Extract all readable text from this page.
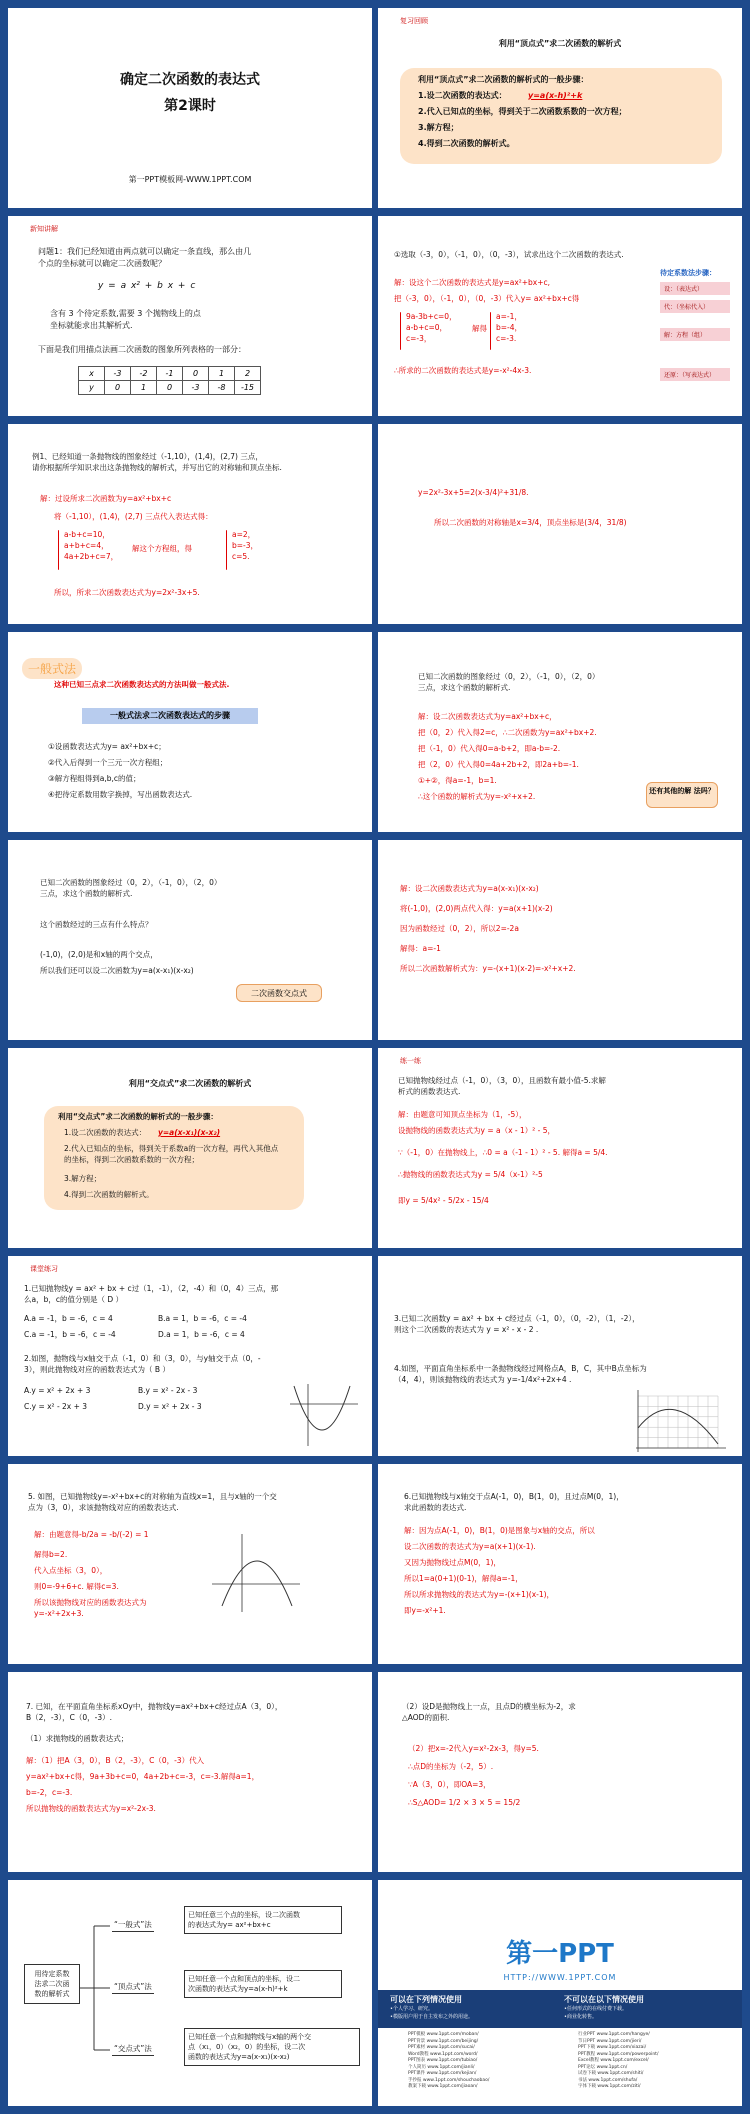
确定二次函数的表达式
第2课时
第一PPT模板网-WWW.1PPT.COM
复习回顾
利用“顶点式”求二次函数的解析式
利用“顶点式”求二次函数的解析式的一般步骤：
1.设二次函数的表达式：	y=a(x-h)²+k
2.代入已知点的坐标，得到关于二次函数系数的一次方程；
3.解方程；
4.得到二次函数的解析式。
新知讲解
问题1：我们已经知道由两点就可以确定一条直线，那么由几
个点的坐标就可以确定二次函数呢？
y = a x² + b x + c
含有 3 个待定系数,需要 3 个抛物线上的点
坐标就能求出其解析式.
下面是我们用描点法画二次函数的图象所列表格的一部分：
x	-3	-2	-1	0	1	2
y	0	1	0	-3	-8	-15
①选取（-3，0），（-1，0），（0，-3），试求出这个二次函数的表达式.
解：设这个二次函数的表达式是y=ax²+bx+c,
把（-3，0），（-1，0），（0，-3）代入y= ax²+bx+c得
9a-3b+c=0，
a-b+c=0，
c=-3，
解得
a=-1，
b=-4，
c=-3.
∴所求的二次函数的表达式是y=-x²-4x-3.
待定系数法步骤：
设：（表达式）
代：（坐标代入）
解：方程（组）
还原：（写表达式）
例1、已经知道一条抛物线的图象经过（-1,10），(1,4)，(2,7) 三点，
请你根据所学知识求出这条抛物线的解析式，并写出它的对称轴和顶点坐标.
解：过设所求二次函数为y=ax²+bx+c
将（-1,10），(1,4)，(2,7) 三点代入表达式得：
a-b+c=10，
a+b+c=4，
4a+2b+c=7，
解这个方程组，得
a=2，
b=-3，
c=5.
所以，所求二次函数表达式为y=2x²-3x+5.
y=2x²-3x+5=2(x-3/4)²+31/8.
所以二次函数的对称轴是x=3/4，顶点坐标是(3/4，31/8)
一般式法
这种已知三点求二次函数表达式的方法叫做一般式法.
一般式法求二次函数表达式的步骤
①设函数表达式为y= ax²+bx+c；
②代入后得到一个三元一次方程组；
③解方程组得到a,b,c的值；
④把待定系数用数字换掉，写出函数表达式.
已知二次函数的图象经过（0，2），（-1，0），（2，0）
三点，求这个函数的解析式.
解：设二次函数表达式为y=ax²+bx+c，
把（0，2）代入得2=c，∴二次函数为y=ax²+bx+2.
把（-1，0）代入得0=a-b+2，即a-b=-2.
把（2，0）代入得0=4a+2b+2，即2a+b=-1.
①+②，得a=-1，b=1.
∴这个函数的解析式为y=-x²+x+2.
还有其他的解 法吗？
已知二次函数的图象经过（0，2），（-1，0），（2，0）
三点，求这个函数的解析式.
这个函数经过的三点有什么特点？
(-1,0)，(2,0)是和x轴的两个交点，
所以我们还可以设二次函数为y=a(x-x₁)(x-x₂)
二次函数交点式
解：设二次函数表达式为y=a(x-x₁)(x-x₂)
将(-1,0)，(2,0)两点代入得：y=a(x+1)(x-2)
因为函数经过（0，2），所以2=-2a
解得：a=-1
所以二次函数解析式为：y=-(x+1)(x-2)=-x²+x+2.
利用“交点式”求二次函数的解析式
利用“交点式”求二次函数的解析式的一般步骤：
1.设二次函数的表达式： y=a(x-x₁)(x-x₂)
2.代入已知点的坐标，得到关于系数a的一次方程，再代入其他点
的坐标，得到二次函数系数的一次方程；
3.解方程；
4.得到二次函数的解析式。
练一练
已知抛物线经过点（-1，0），（3，0），且函数有最小值-5.求解
析式的函数表达式.
解：由题意可知顶点坐标为（1，-5），
设抛物线的函数表达式为y = a（x - 1）² - 5，
∵（-1，0）在抛物线上，∴0 = a（-1 - 1）² - 5. 解得a = 5/4.
∴抛物线的函数表达式为y = 5/4（x-1）²-5
即y = 5/4x² - 5/2x - 15/4
课堂练习
1.已知抛物线y = ax² + bx + c过（1，-1），（2，-4）和（0，4）三点，那
么a，b，c的值分别是（ D ）
A.a = -1，b = -6，c = 4	B.a = 1，b = -6，c = -4
C.a = -1，b = -6，c = -4	D.a = 1，b = -6，c = 4
2.如图，抛物线与x轴交于点（-1，0）和（3，0），与y轴交于点（0，-
3），则此抛物线对应的函数表达式为（ B ）
A.y = x² + 2x + 3	B.y = x² - 2x - 3
C.y = x² - 2x + 3	D.y = x² + 2x - 3
3.已知二次函数y = ax² + bx + c经过点（-1，0），（0，-2），（1，-2），
则这个二次函数的表达式为 y = x² - x - 2 .
4.如图，平面直角坐标系中一条抛物线经过网格点A，B，C，其中B点坐标为
（4，4），则该抛物线的表达式为 y=-1/4x²+2x+4 .
5. 如图，已知抛物线y=-x²+bx+c的对称轴为直线x=1，且与x轴的一个交
点为（3，0），求该抛物线对应的函数表达式.
解：由题意得-b/2a = -b/(-2) = 1
解得b=2.
代入点坐标（3，0），
则0=-9+6+c. 解得c=3.
所以该抛物线对应的函数表达式为
y=-x²+2x+3.
6.已知抛物线与x轴交于点A(-1，0)，B(1，0)，且过点M(0，1)，
求此函数的表达式.
解：因为点A(-1，0)，B(1，0)是图象与x轴的交点，所以
设二次函数的表达式为y=a(x+1)(x-1).
又因为抛物线过点M(0，1)，
所以1=a(0+1)(0-1)，解得a=-1，
所以所求抛物线的表达式为y=-(x+1)(x-1)，
即y=-x²+1.
7. 已知，在平面直角坐标系xOy中，抛物线y=ax²+bx+c经过点A（3，0），
B（2，-3），C（0，-3）.
（1）求抛物线的函数表达式；
解：（1）把A（3，0），B（2，-3），C（0，-3）代入
y=ax²+bx+c得，9a+3b+c=0，4a+2b+c=-3，c=-3.解得a=1，
b=-2，c=-3.
所以抛物线的函数表达式为y=x²-2x-3.
（2）设D是抛物线上一点，且点D的横坐标为-2，求
△AOD的面积.
（2）把x=-2代入y=x²-2x-3，得y=5.
∴点D的坐标为（-2，5）.
∵A（3，0），即OA=3，
∴S△AOD= 1/2 × 3 × 5 = 15/2
用待定系数
法求二次函
数的解析式
“一般式”法
“顶点式”法
“交点式”法
已知任意三个点的坐标，设二次函数
的表达式为y= ax²+bx+c
已知任意一个点和顶点的坐标，设二
次函数的表达式为y=a(x-h)²+k
已知任意一个点和抛物线与x轴的两个交
点（x₁，0）（x₂，0）的坐标，设二次
函数的表达式为y=a(x-x₁)(x-x₂)
第一PPT
HTTP://WWW.1PPT.COM
可以在下列情况使用
•个人学习、研究。
•模版用户用于自主发布之外的用途。
不可以在以下情况使用
•任何形式的在线付费下载。
•商业化转售。
PPT模板 www.1ppt.com/moban/
PPT背景 www.1ppt.com/beijing/
PPT素材 www.1ppt.com/sucai/
Word教程 www.1ppt.com/word/
PPT图表 www.1ppt.com/tubiao/
个人简历 www.1ppt.com/jianli/
PPT课件 www.1ppt.com/kejian/
手抄报 www.1ppt.com/shouchaobao/
教案下载 www.1ppt.com/jiaoan/
行业PPT www.1ppt.com/hangye/
节日PPT www.1ppt.com/jieri/
PPT下载 www.1ppt.com/xiazai/
PPT教程 www.1ppt.com/powerpoint/
Excel教程 www.1ppt.com/excel/
PPT论坛 www.1ppt.cn/
试卷下载 www.1ppt.com/shiti/
书法 www.1ppt.com/shufa/
字体下载 www.1ppt.com/ziti/
